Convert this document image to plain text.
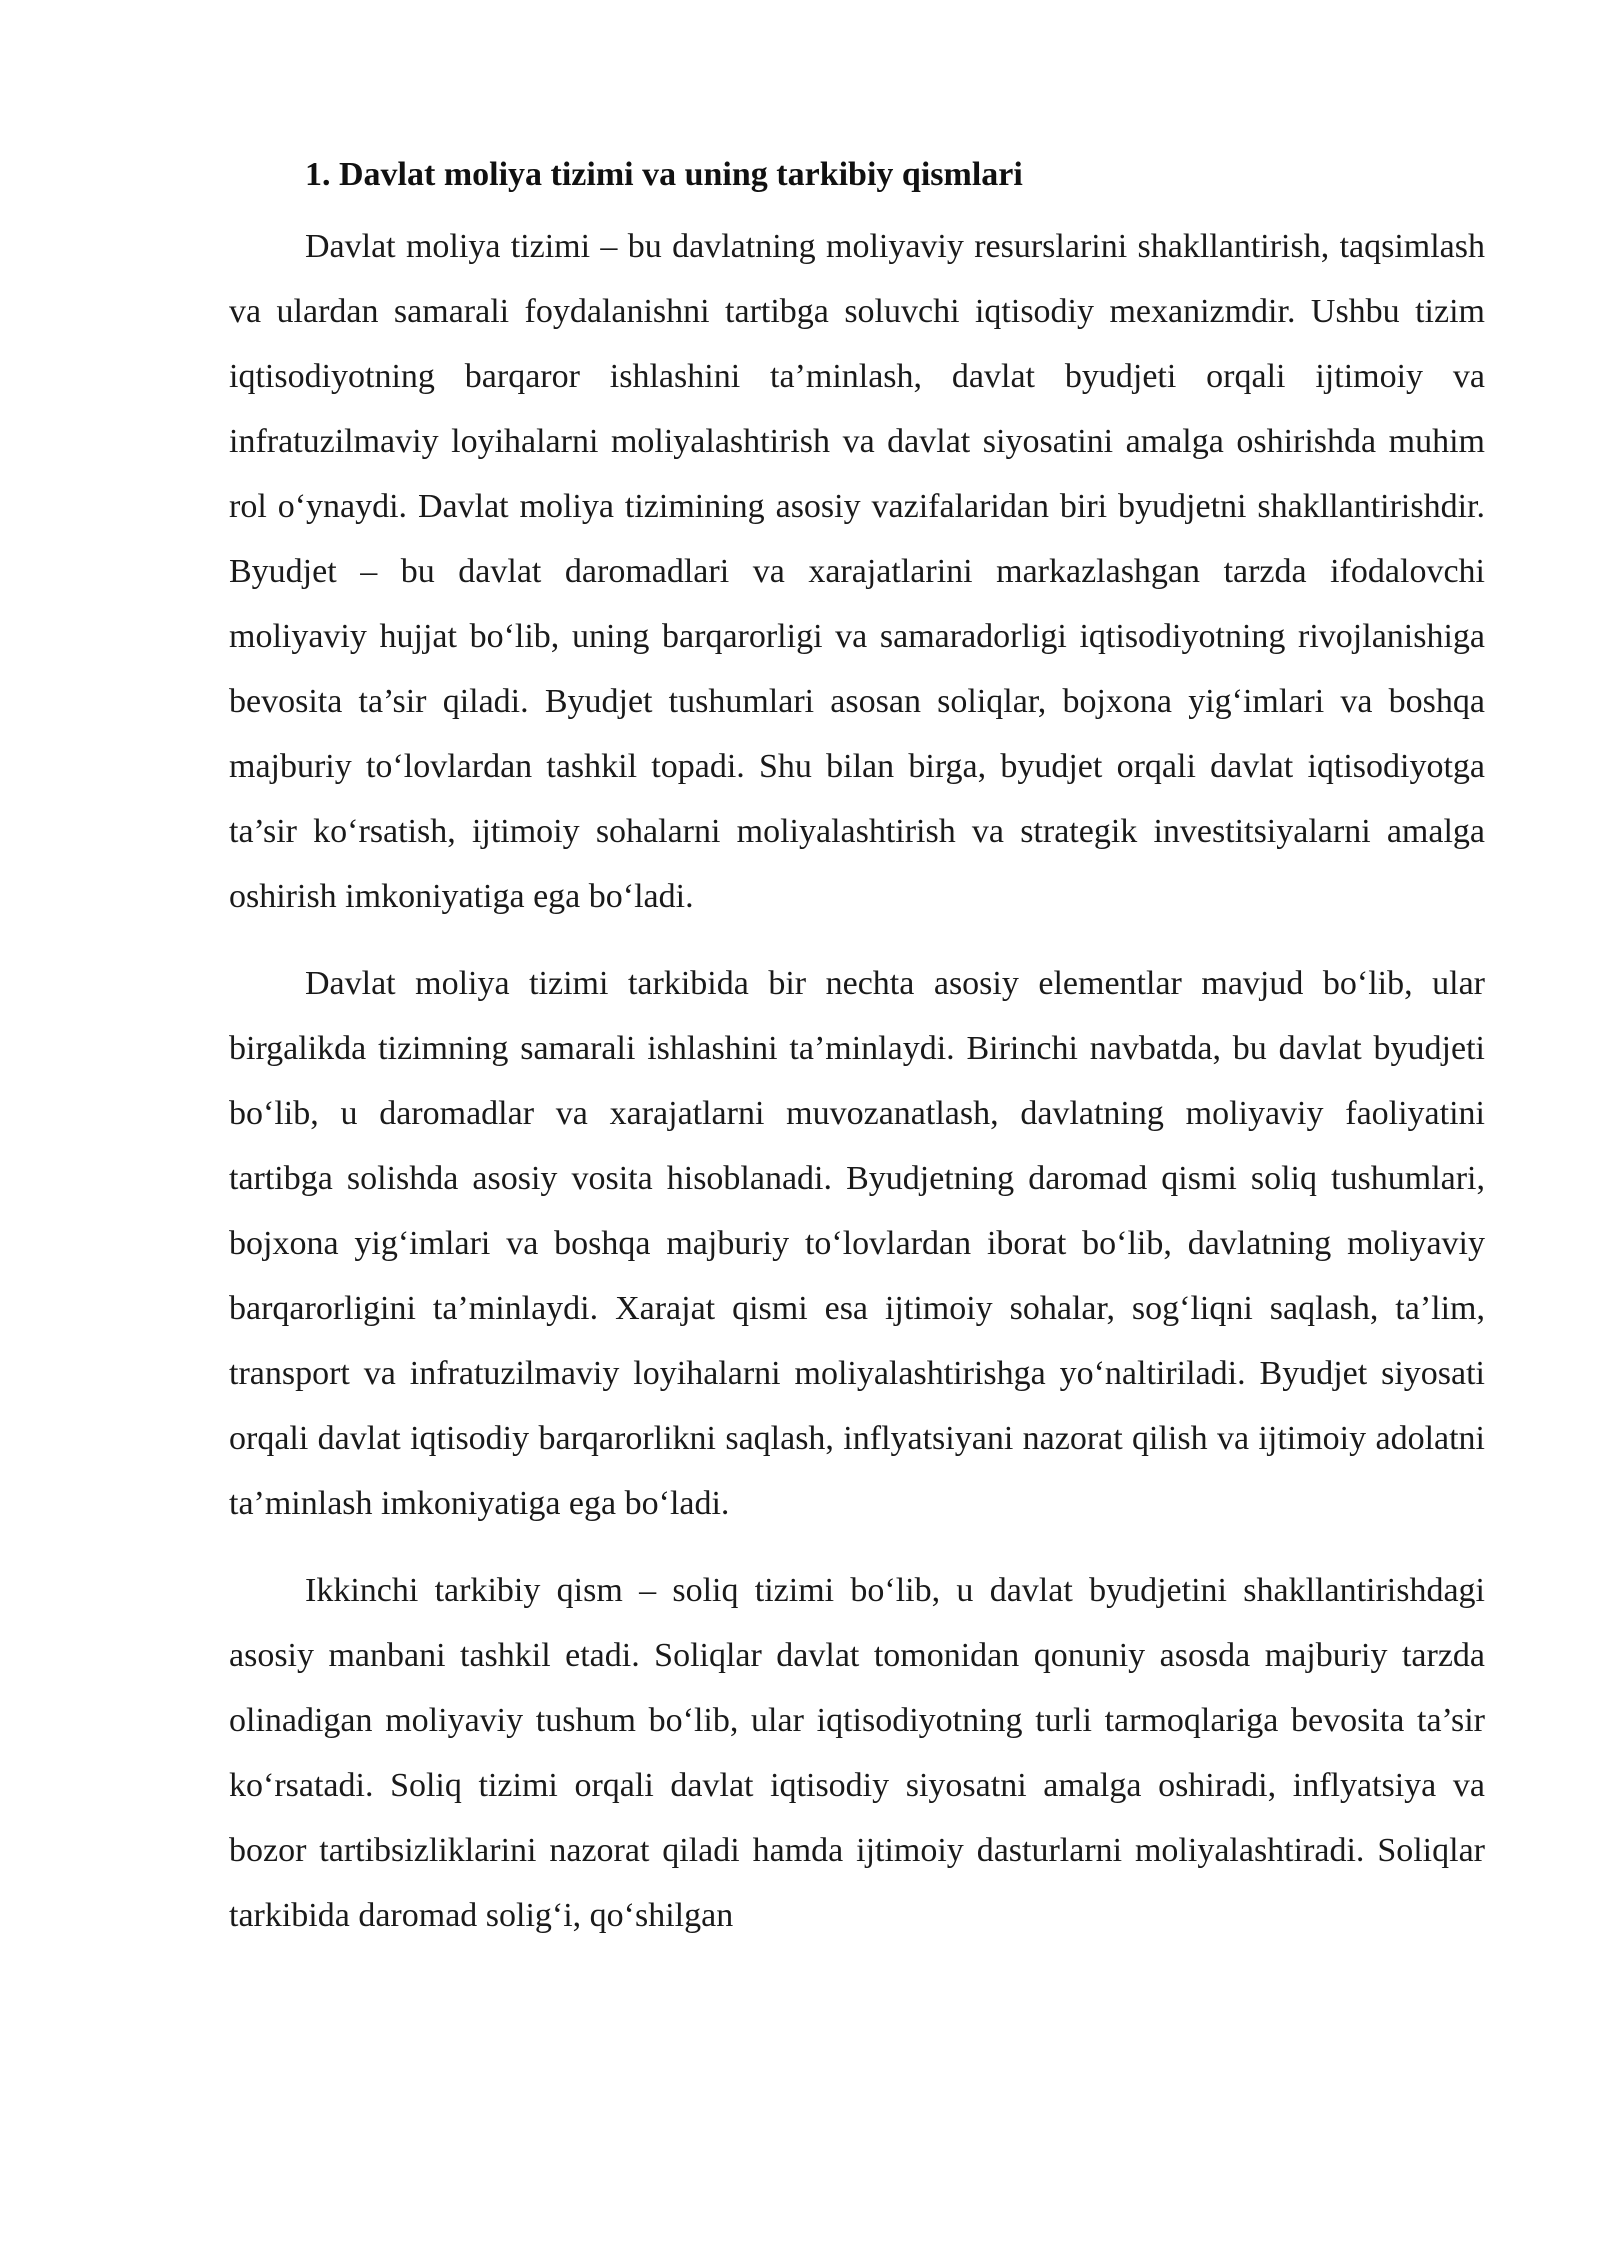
1. Davlat moliya tizimi va uning tarkibiy qismlari

Davlat moliya tizimi – bu davlatning moliyaviy resurslarini shakllantirish, taqsimlash va ulardan samarali foydalanishni tartibga soluvchi iqtisodiy mexanizmdir. Ushbu tizim iqtisodiyotning barqaror ishlashini ta’minlash, davlat byudjeti orqali ijtimoiy va infratuzilmaviy loyihalarni moliyalashtirish va davlat siyosatini amalga oshirishda muhim rol o‘ynaydi. Davlat moliya tizimining asosiy vazifalaridan biri byudjetni shakllantirishdir. Byudjet – bu davlat daromadlari va xarajatlarini markazlashgan tarzda ifodalovchi moliyaviy hujjat bo‘lib, uning barqarorligi va samaradorligi iqtisodiyotning rivojlanishiga bevosita ta’sir qiladi. Byudjet tushumlari asosan soliqlar, bojxona yig‘imlari va boshqa majburiy to‘lovlardan tashkil topadi. Shu bilan birga, byudjet orqali davlat iqtisodiyotga ta’sir ko‘rsatish, ijtimoiy sohalarni moliyalashtirish va strategik investitsiyalarni amalga oshirish imkoniyatiga ega bo‘ladi.

Davlat moliya tizimi tarkibida bir nechta asosiy elementlar mavjud bo‘lib, ular birgalikda tizimning samarali ishlashini ta’minlaydi. Birinchi navbatda, bu davlat byudjeti bo‘lib, u daromadlar va xarajatlarni muvozanatlash, davlatning moliyaviy faoliyatini tartibga solishda asosiy vosita hisoblanadi. Byudjetning daromad qismi soliq tushumlari, bojxona yig‘imlari va boshqa majburiy to‘lovlardan iborat bo‘lib, davlatning moliyaviy barqarorligini ta’minlaydi. Xarajat qismi esa ijtimoiy sohalar, sog‘liqni saqlash, ta’lim, transport va infratuzilmaviy loyihalarni moliyalashtirishga yo‘naltiriladi. Byudjet siyosati orqali davlat iqtisodiy barqarorlikni saqlash, inflyatsiyani nazorat qilish va ijtimoiy adolatni ta’minlash imkoniyatiga ega bo‘ladi.

Ikkinchi tarkibiy qism – soliq tizimi bo‘lib, u davlat byudjetini shakllantirishdagi asosiy manbani tashkil etadi. Soliqlar davlat tomonidan qonuniy asosda majburiy tarzda olinadigan moliyaviy tushum bo‘lib, ular iqtisodiyotning turli tarmoqlariga bevosita ta’sir ko‘rsatadi. Soliq tizimi orqali davlat iqtisodiy siyosatni amalga oshiradi, inflyatsiya va bozor tartibsizliklarini nazorat qiladi hamda ijtimoiy dasturlarni moliyalashtiradi. Soliqlar tarkibida daromad solig‘i, qo‘shilgan
